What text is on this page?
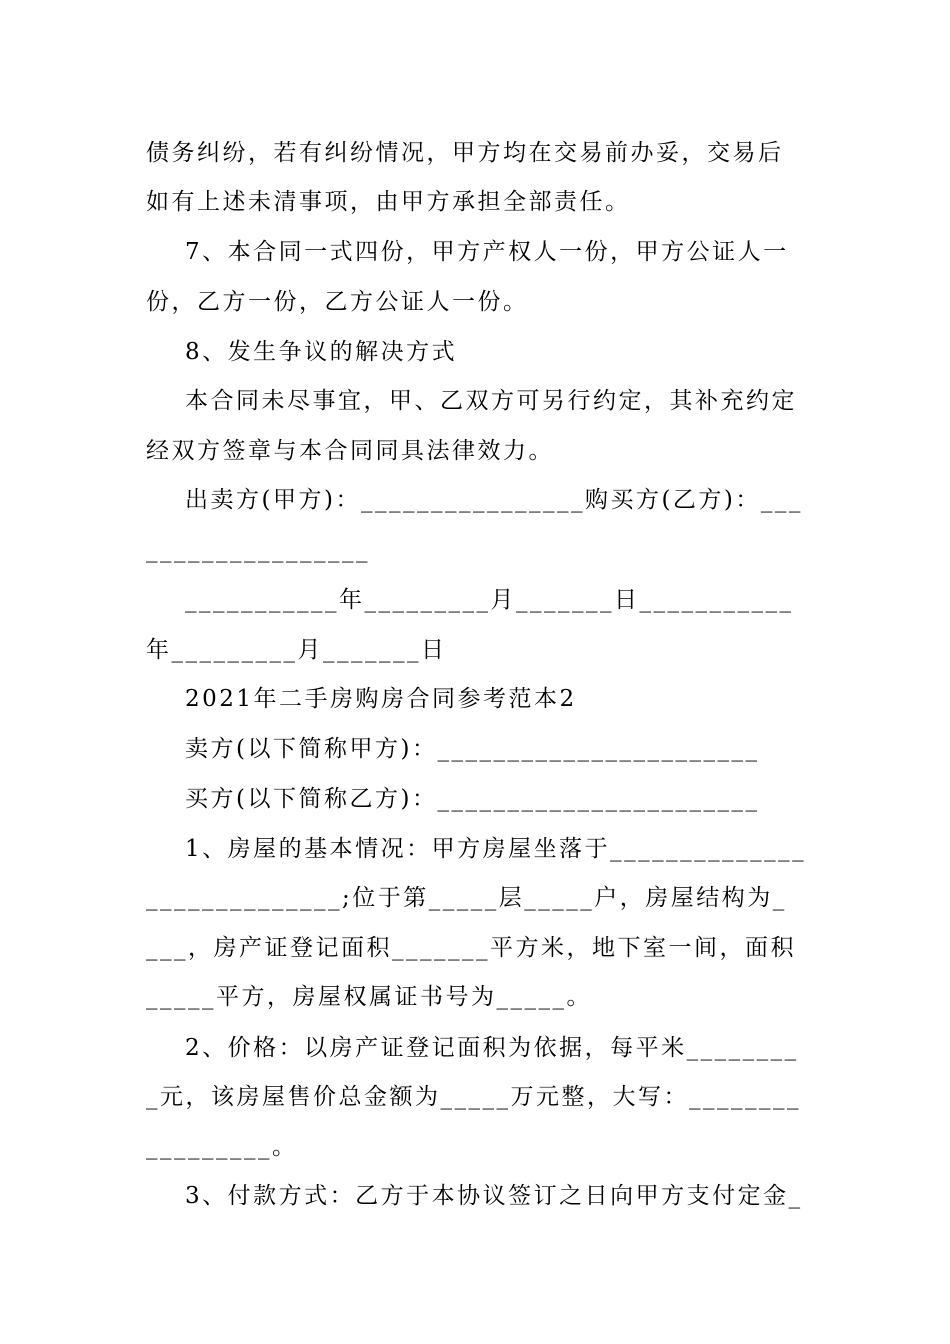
债务纠纷，若有纠纷情况，甲方均在交易前办妥，交易后
如有上述未清事项，由甲方承担全部责任。
7、本合同一式四份，甲方产权人一份，甲方公证人一
份，乙方一份，乙方公证人一份。
8、发生争议的解决方式
本合同未尽事宜，甲、乙双方可另行约定，其补充约定
经双方签章与本合同同具法律效力。
出卖方(甲方)：________________购买方(乙方)：___
________________
___________年_________月_______日___________
年_________月_______日
2021年二手房购房合同参考范本2
卖方(以下简称甲方)：_______________________
买方(以下简称乙方)：_______________________
1、房屋的基本情况：甲方房屋坐落于______________
______________;位于第_____层_____户，房屋结构为_
___，房产证登记面积_______平方米，地下室一间，面积
_____平方，房屋权属证书号为_____。
2、价格：以房产证登记面积为依据，每平米________
_元，该房屋售价总金额为_____万元整，大写：________
_________。
3、付款方式：乙方于本协议签订之日向甲方支付定金_
